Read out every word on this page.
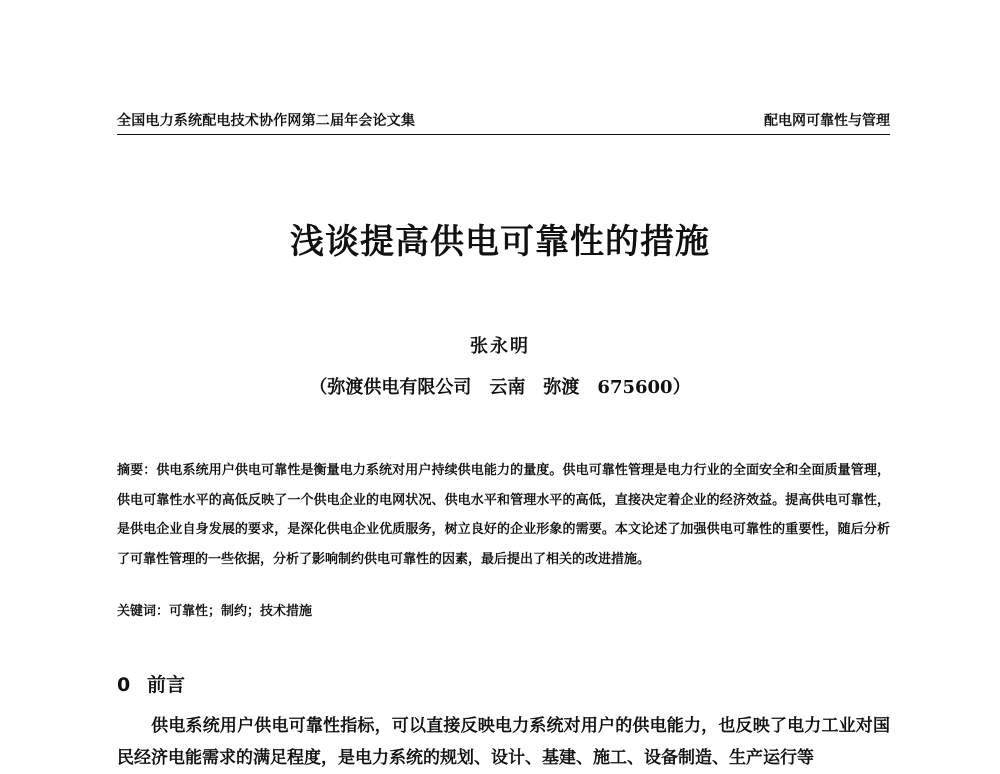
全国电力系统配电技术协作网第二届年会论文集	配电网可靠性与管理
浅谈提高供电可靠性的措施
张永明
（弥渡供电有限公司　云南　弥渡　675600）
摘要：供电系统用户供电可靠性是衡量电力系统对用户持续供电能力的量度。供电可靠性管理是电力行业的全面安全和全面质量管理，供电可靠性水平的高低反映了一个供电企业的电网状况、供电水平和管理水平的高低，直接决定着企业的经济效益。提高供电可靠性，是供电企业自身发展的要求，是深化供电企业优质服务，树立良好的企业形象的需要。本文论述了加强供电可靠性的重要性，随后分析了可靠性管理的一些依据，分析了影响制约供电可靠性的因素，最后提出了相关的改进措施。
关键词：可靠性；制约；技术措施
0 前言
供电系统用户供电可靠性指标，可以直接反映电力系统对用户的供电能力，也反映了电力工业对国民经济电能需求的满足程度，是电力系统的规划、设计、基建、施工、设备制造、生产运行等
